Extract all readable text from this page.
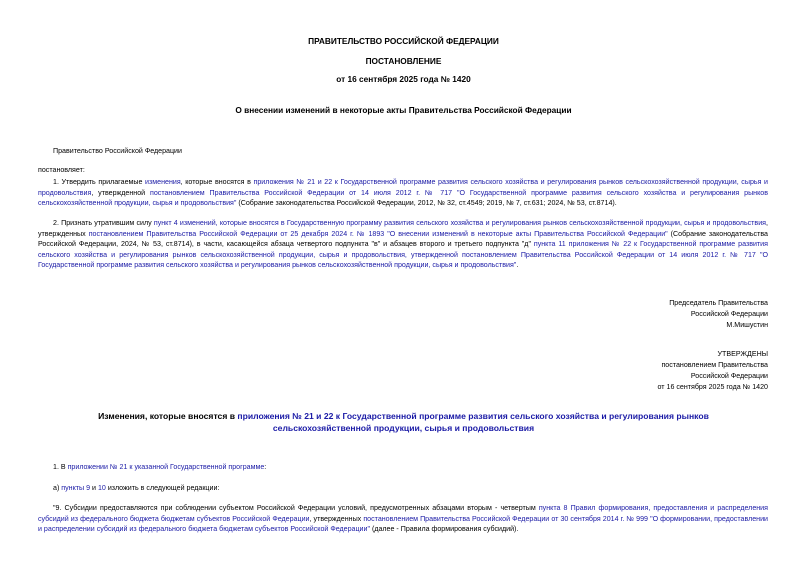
ПРАВИТЕЛЬСТВО РОССИЙСКОЙ ФЕДЕРАЦИИ
ПОСТАНОВЛЕНИЕ
от 16 сентября 2025 года № 1420
О внесении изменений в некоторые акты Правительства Российской Федерации
Правительство Российской Федерации
постановляет:
1. Утвердить прилагаемые изменения, которые вносятся в приложения № 21 и 22 к Государственной программе развития сельского хозяйства и регулирования рынков сельскохозяйственной продукции, сырья и продовольствия, утвержденной постановлением Правительства Российской Федерации от 14 июля 2012 г. № 717 "О Государственной программе развития сельского хозяйства и регулирования рынков сельскохозяйственной продукции, сырья и продовольствия" (Собрание законодательства Российской Федерации, 2012, № 32, ст.4549; 2019, № 7, ст.631; 2024, № 53, ст.8714).
2. Признать утратившим силу пункт 4 изменений, которые вносятся в Государственную программу развития сельского хозяйства и регулирования рынков сельскохозяйственной продукции, сырья и продовольствия, утвержденных постановлением Правительства Российской Федерации от 25 декабря 2024 г. № 1893 "О внесении изменений в некоторые акты Правительства Российской Федерации" (Собрание законодательства Российской Федерации, 2024, № 53, ст.8714), в части, касающейся абзаца четвертого подпункта "в" и абзацев второго и третьего подпункта "д" пункта 11 приложения № 22 к Государственной программе развития сельского хозяйства и регулирования рынков сельскохозяйственной продукции, сырья и продовольствия, утвержденной постановлением Правительства Российской Федерации от 14 июля 2012 г. № 717 "О Государственной программе развития сельского хозяйства и регулирования рынков сельскохозяйственной продукции, сырья и продовольствия".
Председатель Правительства
Российской Федерации
М.Мишустин
УТВЕРЖДЕНЫ
постановлением Правительства
Российской Федерации
от 16 сентября 2025 года № 1420
Изменения, которые вносятся в приложения № 21 и 22 к Государственной программе развития сельского хозяйства и регулирования рынков сельскохозяйственной продукции, сырья и продовольствия
1. В приложении № 21 к указанной Государственной программе:
а) пункты 9 и 10 изложить в следующей редакции:
"9. Субсидии предоставляются при соблюдении субъектом Российской Федерации условий, предусмотренных абзацами вторым - четвертым пункта 8 Правил формирования, предоставления и распределения субсидий из федерального бюджета бюджетам субъектов Российской Федерации, утвержденных постановлением Правительства Российской Федерации от 30 сентября 2014 г. № 999 "О формировании, предоставлении и распределении субсидий из федерального бюджета бюджетам субъектов Российской Федерации" (далее - Правила формирования субсидий).
